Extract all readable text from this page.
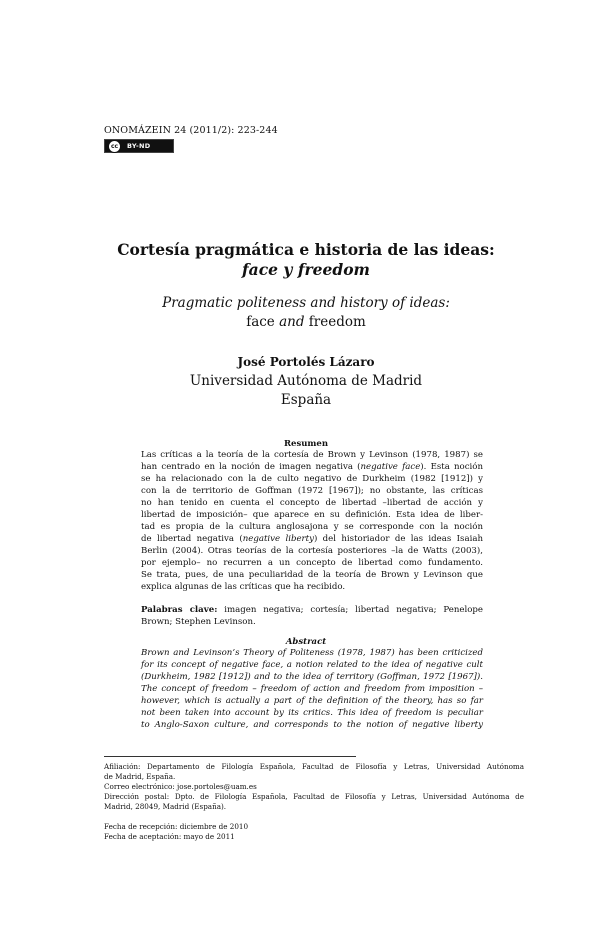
ONOMÁZEIN 24 (2011/2): 223-244
cc	BY-ND
Cortesía pragmática e historia de las ideas:
face y freedom
Pragmatic politeness and history of ideas:
face and freedom
José Portolés Lázaro
Universidad Autónoma de Madrid
España
Resumen
Las críticas a la teoría de la cortesía de Brown y Levinson (1978, 1987) se
han centrado en la noción de imagen negativa (negative face). Esta noción
se ha relacionado con la de culto negativo de Durkheim (1982 [1912]) y
con la de territorio de Goffman (1972 [1967]); no obstante, las críticas
no han tenido en cuenta el concepto de libertad –libertad de acción y
libertad de imposición– que aparece en su definición. Esta idea de liber-
tad es propia de la cultura anglosajona y se corresponde con la noción
de libertad negativa (negative liberty) del historiador de las ideas Isaiah
Berlin (2004). Otras teorías de la cortesía posteriores –la de Watts (2003),
por ejemplo– no recurren a un concepto de libertad como fundamento.
Se trata, pues, de una peculiaridad de la teoría de Brown y Levinson que
explica algunas de las críticas que ha recibido.
Palabras clave: imagen negativa; cortesía; libertad negativa; Penelope
Brown; Stephen Levinson.
Abstract
Brown and Levinson’s Theory of Politeness (1978, 1987) has been criticized
for its concept of negative face, a notion related to the idea of negative cult
(Durkheim, 1982 [1912]) and to the idea of territory (Goffman, 1972 [1967]).
The concept of freedom – freedom of action and freedom from imposition –
however, which is actually a part of the definition of the theory, has so far
not been taken into account by its critics. This idea of freedom is peculiar
to Anglo-Saxon culture, and corresponds to the notion of negative liberty
Afiliación: Departamento de Filología Española, Facultad de Filosofía y Letras, Universidad Autónoma
de Madrid, España.
Correo electrónico: jose.portoles@uam.es
Dirección postal: Dpto. de Filología Española, Facultad de Filosofía y Letras, Universidad Autónoma de
Madrid, 28049, Madrid (España).
Fecha de recepción: diciembre de 2010
Fecha de aceptación: mayo de 2011
